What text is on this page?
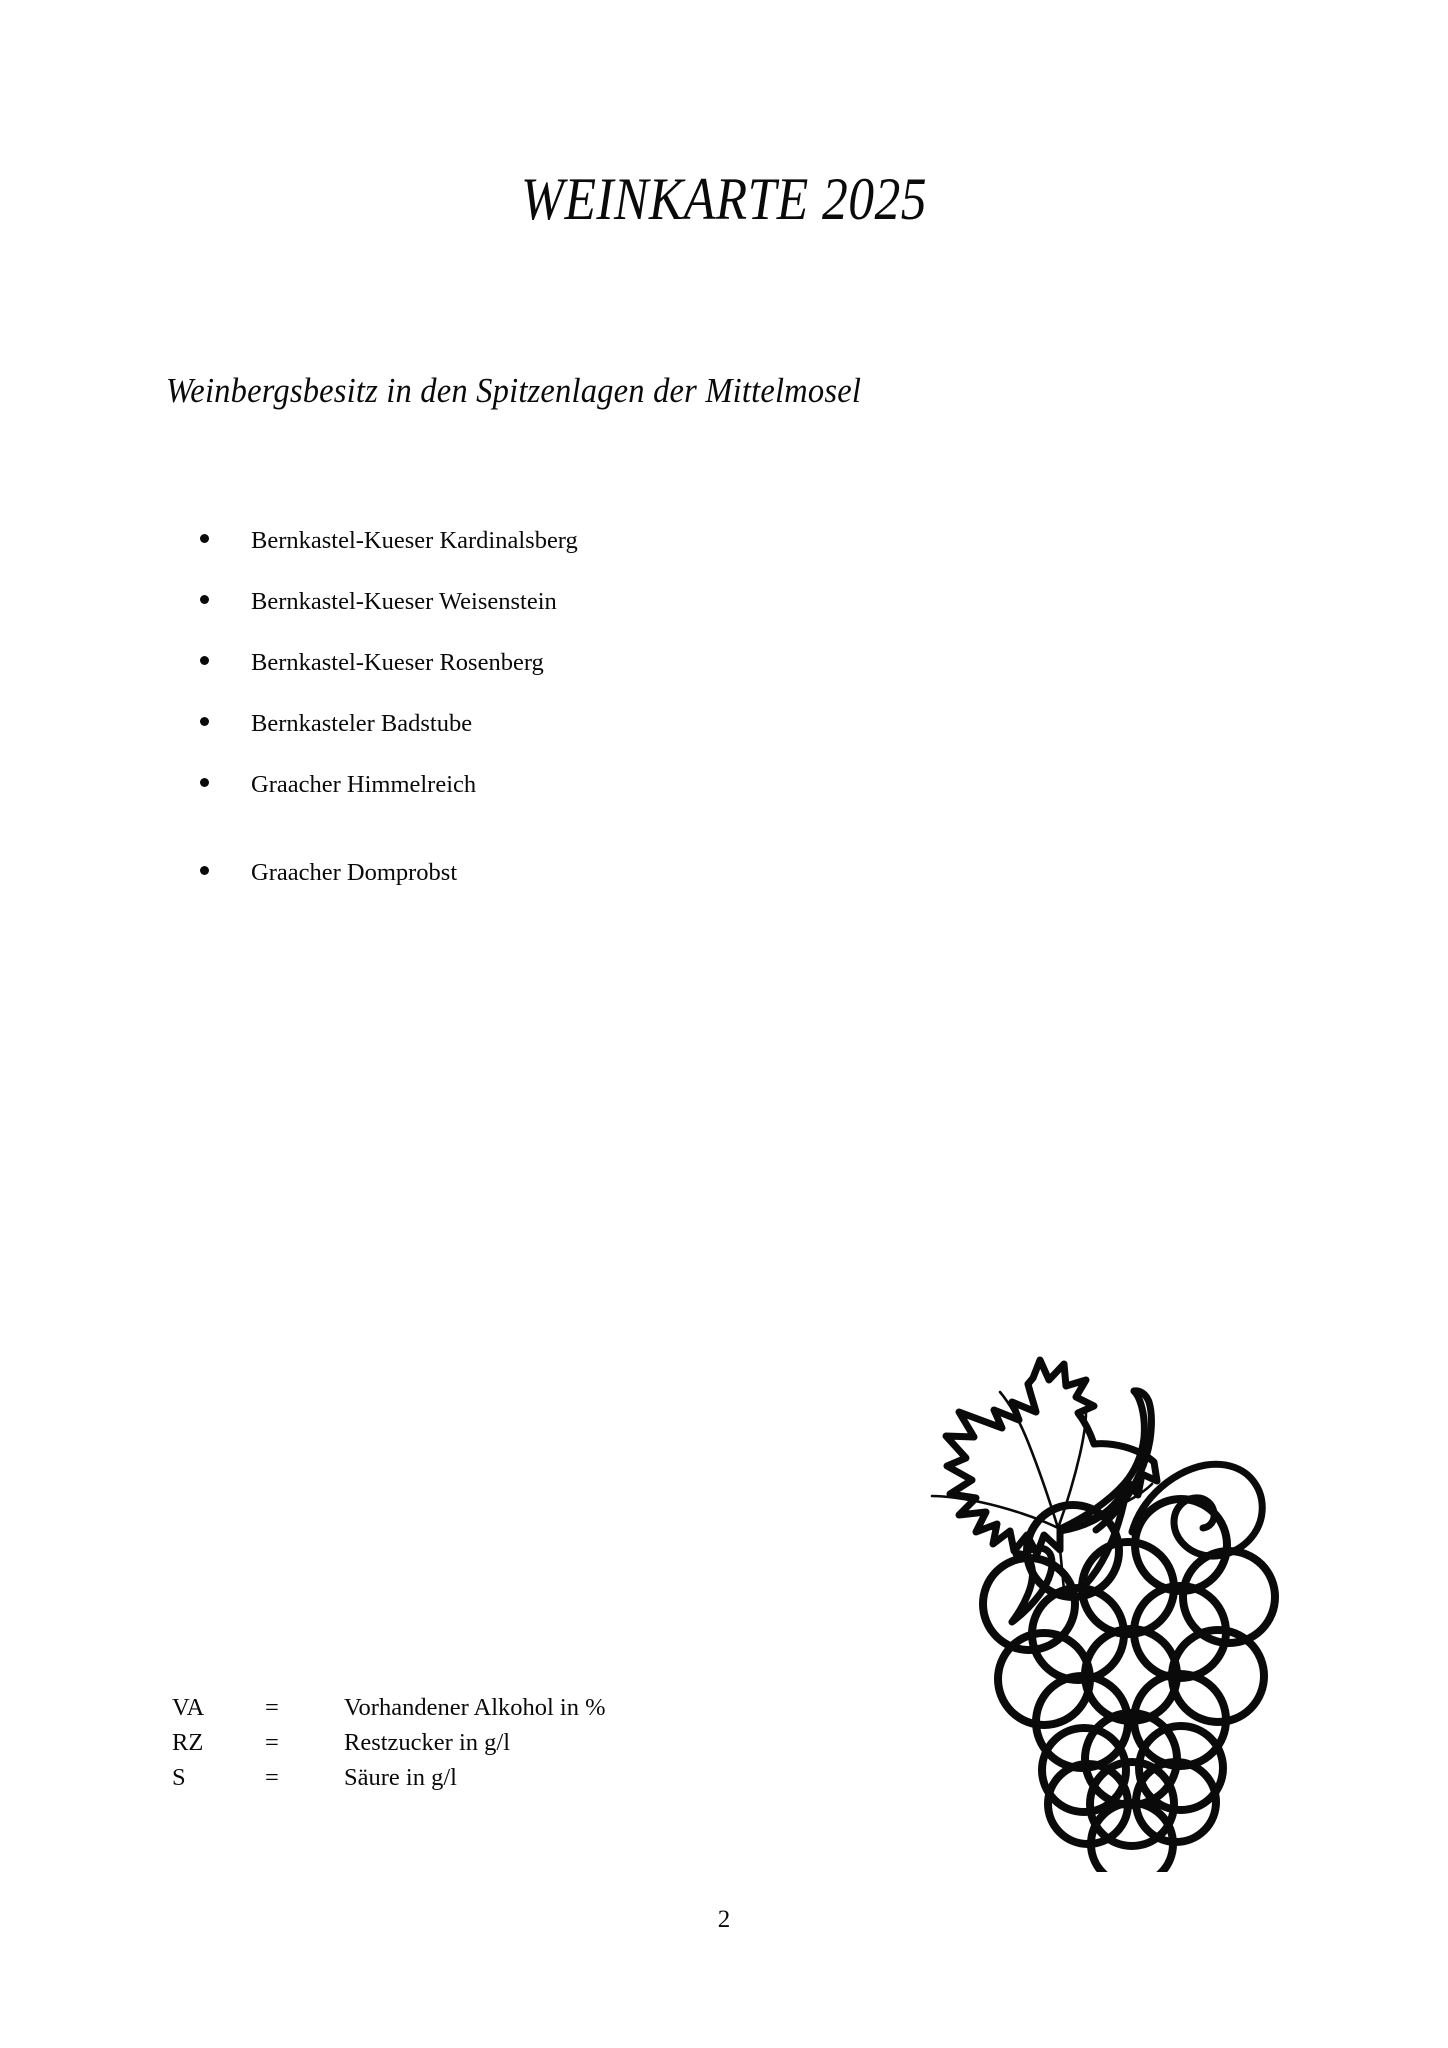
WEINKARTE 2025
Weinbergsbesitz in den Spitzenlagen der Mittelmosel
Bernkastel-Kueser Kardinalsberg
Bernkastel-Kueser Weisenstein
Bernkastel-Kueser Rosenberg
Bernkasteler Badstube
Graacher Himmelreich
Graacher Domprobst
VA =	Vorhandener Alkohol in %
RZ	=	Restzucker in g/l
S	=	Säure in g/l
2
